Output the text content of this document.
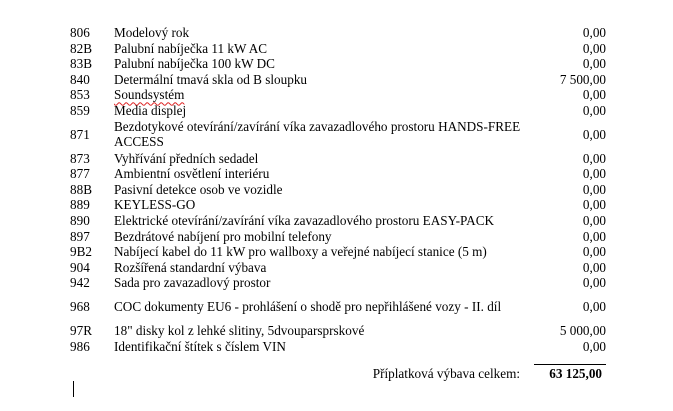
806	Modelový rok	0,00
82B	Palubní nabíječka 11 kW AC	0,00
83B	Palubní nabíječka 100 kW DC	0,00
840	Determální tmavá skla od B sloupku	7 500,00
853	Soundsystém	0,00
859	Media displej	0,00
871	Bezdotykové otevírání/zavírání víka zavazadlového prostoru HANDS-FREE ACCESS	0,00
873	Vyhřívání předních sedadel	0,00
877	Ambientní osvětlení interiéru	0,00
88B	Pasivní detekce osob ve vozidle	0,00
889	KEYLESS-GO	0,00
890	Elektrické otevírání/zavírání víka zavazadlového prostoru EASY-PACK	0,00
897	Bezdrátové nabíjení pro mobilní telefony	0,00
9B2	Nabíjecí kabel do 11 kW pro wallboxy a veřejné nabíjecí stanice (5 m)	0,00
904	Rozšířená standardní výbava	0,00
942	Sada pro zavazadlový prostor	0,00
968	COC dokumenty EU6 - prohlášení o shodě pro nepřihlášené vozy - II. díl	0,00
97R	18" disky kol z lehké slitiny, 5dvouparsprskové	5 000,00
986	Identifikační štítek s číslem VIN	0,00
Příplatková výbava celkem: 63 125,00
